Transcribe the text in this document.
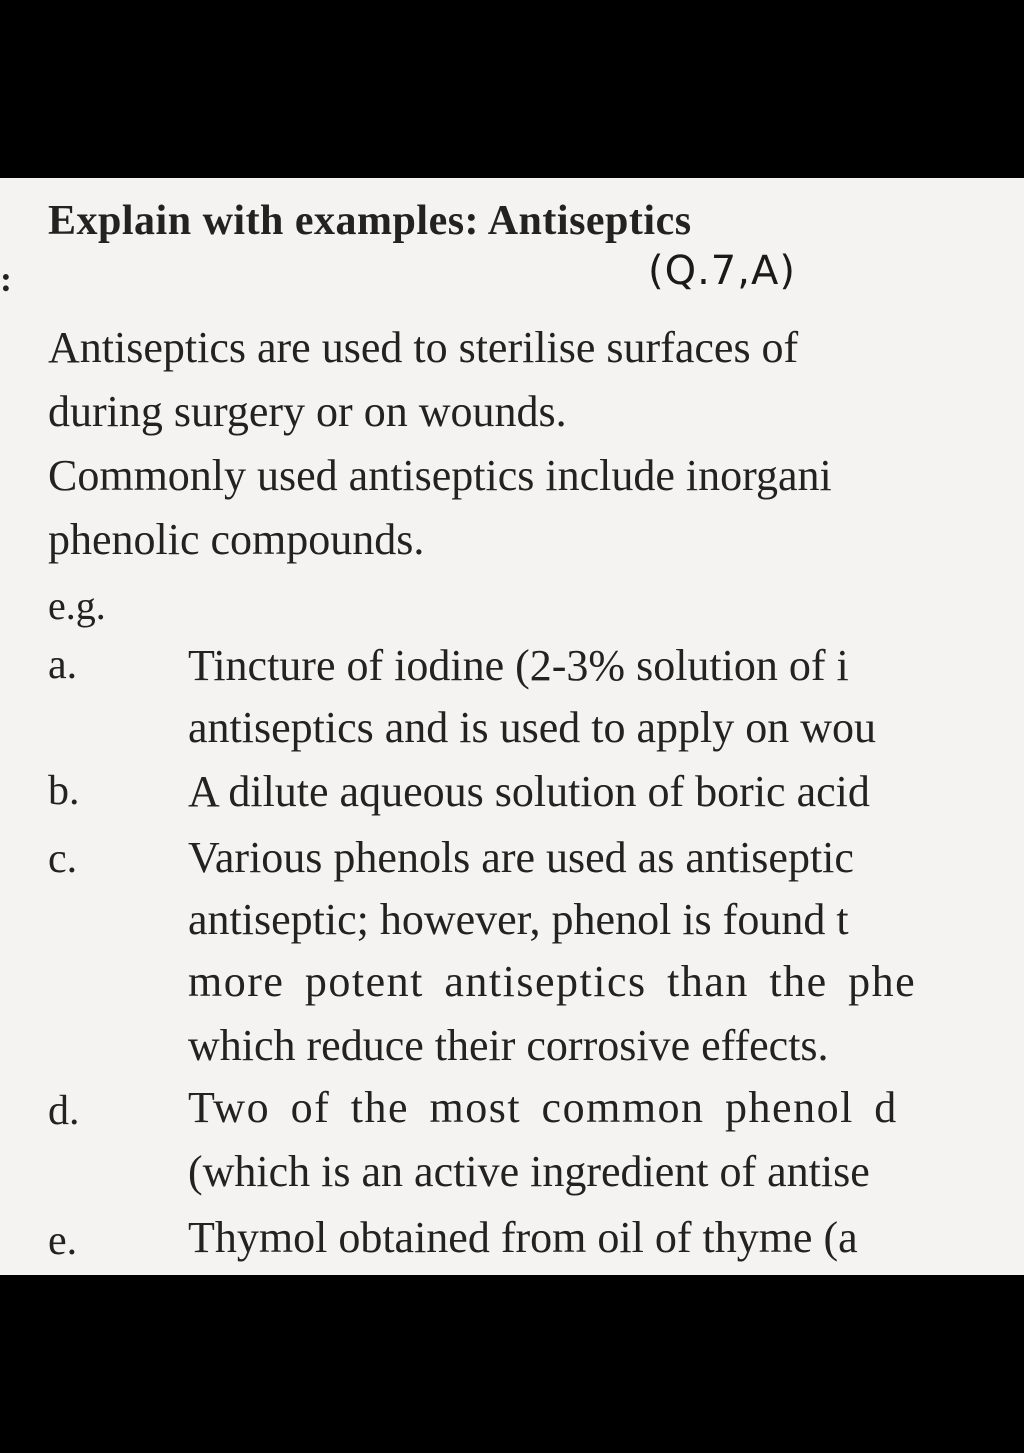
Explain with examples: Antiseptics
:	(Q.7,A)
Antiseptics are used to sterilise surfaces of
during surgery or on wounds.
Commonly used antiseptics include inorgani
phenolic compounds.
e.g.
a.	Tincture of iodine (2-3% solution of i
antiseptics and is used to apply on wou
b. A dilute aqueous solution of boric acid
c.	Various phenols are used as antiseptic
antiseptic; however, phenol is found t
more potent antiseptics than the phe
which reduce their corrosive effects.
d. Two of the most common phenol d
(which is an active ingredient of antise
e.	Thymol obtained from oil of thyme (a
